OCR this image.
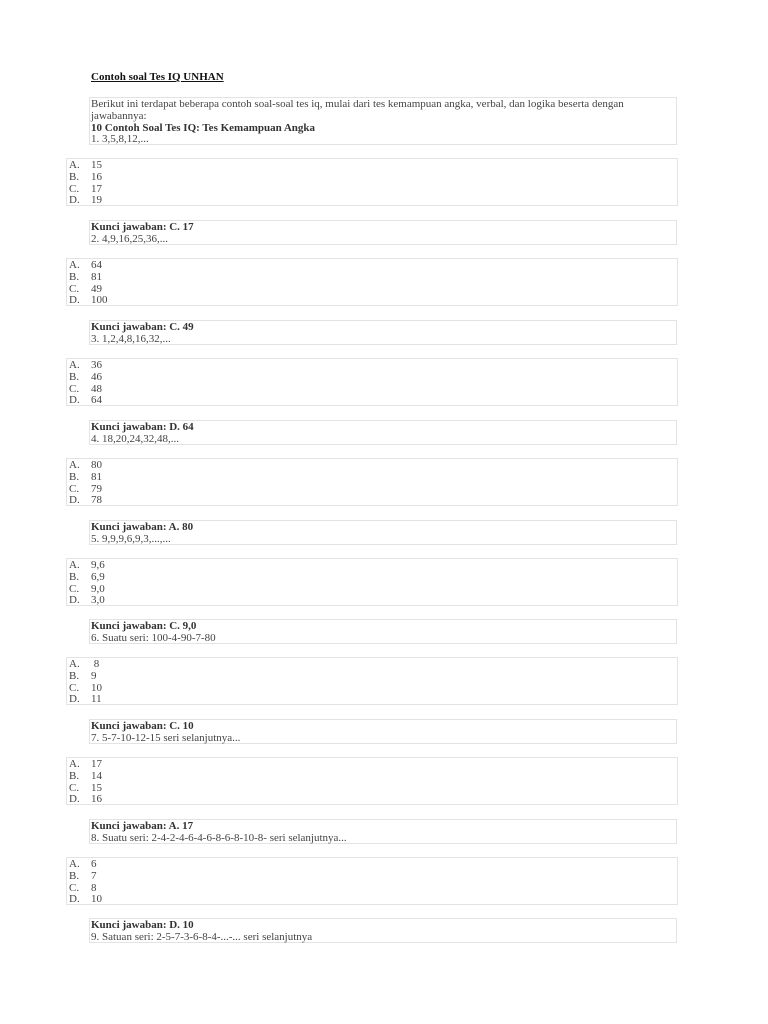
Contoh soal Tes IQ UNHAN
Berikut ini terdapat beberapa contoh soal-soal tes iq, mulai dari tes kemampuan angka, verbal, dan logika beserta dengan jawabannya:
10 Contoh Soal Tes IQ: Tes Kemampuan Angka
1. 3,5,8,12,...
A. 15
B. 16
C. 17
D. 19
Kunci jawaban: C. 17
2. 4,9,16,25,36,...
A. 64
B. 81
C. 49
D. 100
Kunci jawaban: C. 49
3. 1,2,4,8,16,32,...
A. 36
B. 46
C. 48
D. 64
Kunci jawaban: D. 64
4. 18,20,24,32,48,...
A. 80
B. 81
C. 79
D. 78
Kunci jawaban: A. 80
5. 9,9,9,6,9,3,...,...
A. 9,6
B. 6,9
C. 9,0
D. 3,0
Kunci jawaban: C. 9,0
6. Suatu seri: 100-4-90-7-80
A. 8
B. 9
C. 10
D. 11
Kunci jawaban: C. 10
7. 5-7-10-12-15 seri selanjutnya...
A. 17
B. 14
C. 15
D. 16
Kunci jawaban: A. 17
8. Suatu seri: 2-4-2-4-6-4-6-8-6-8-10-8- seri selanjutnya...
A. 6
B. 7
C. 8
D. 10
Kunci jawaban: D. 10
9. Satuan seri: 2-5-7-3-6-8-4-...-... seri selanjutnya
